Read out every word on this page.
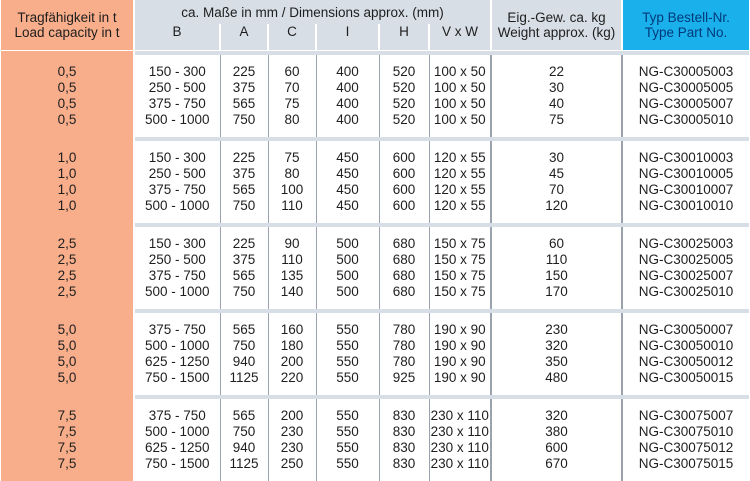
Tragfähigkeit in t
Load capacity in t	ca. Maße in mm / Dimensions approx. (mm)						Eig.-Gew. ca. kg
Weight approx. (kg)	Typ Bestell-Nr.
Type Part No.

	B	A	C	I	H	V x W		

0,5	150 - 300	225	60	400	520	100 x 50	22	NG-C30005003
0,5	250 - 500	375	70	400	520	100 x 50	30	NG-C30005005
0,5	375 - 750	565	75	400	520	100 x 50	40	NG-C30005007
0,5	500 - 1000	750	80	400	520	100 x 50	75	NG-C30005010

1,0	150 - 300	225	75	450	600	120 x 55	30	NG-C30010003
1,0	250 - 500	375	80	450	600	120 x 55	45	NG-C30010005
1,0	375 - 750	565	100	450	600	120 x 55	70	NG-C30010007
1,0	500 - 1000	750	110	450	600	120 x 55	120	NG-C30010010

2,5	150 - 300	225	90	500	680	150 x 75	60	NG-C30025003
2,5	250 - 500	375	110	500	680	150 x 75	110	NG-C30025005
2,5	375 - 750	565	135	500	680	150 x 75	150	NG-C30025007
2,5	500 - 1000	750	140	500	680	150 x 75	170	NG-C30025010

5,0	375 - 750	565	160	550	780	190 x 90	230	NG-C30050007
5,0	500 - 1000	750	180	550	780	190 x 90	320	NG-C30050010
5,0	625 - 1250	940	200	550	780	190 x 90	350	NG-C30050012
5,0	750 - 1500	1125	220	550	925	190 x 90	480	NG-C30050015

7,5	375 - 750	565	200	550	830	230 x 110	320	NG-C30075007
7,5	500 - 1000	750	230	550	830	230 x 110	380	NG-C30075010
7,5	625 - 1250	940	230	550	830	230 x 110	600	NG-C30075012
7,5	750 - 1500	1125	250	550	830	230 x 110	670	NG-C30075015
